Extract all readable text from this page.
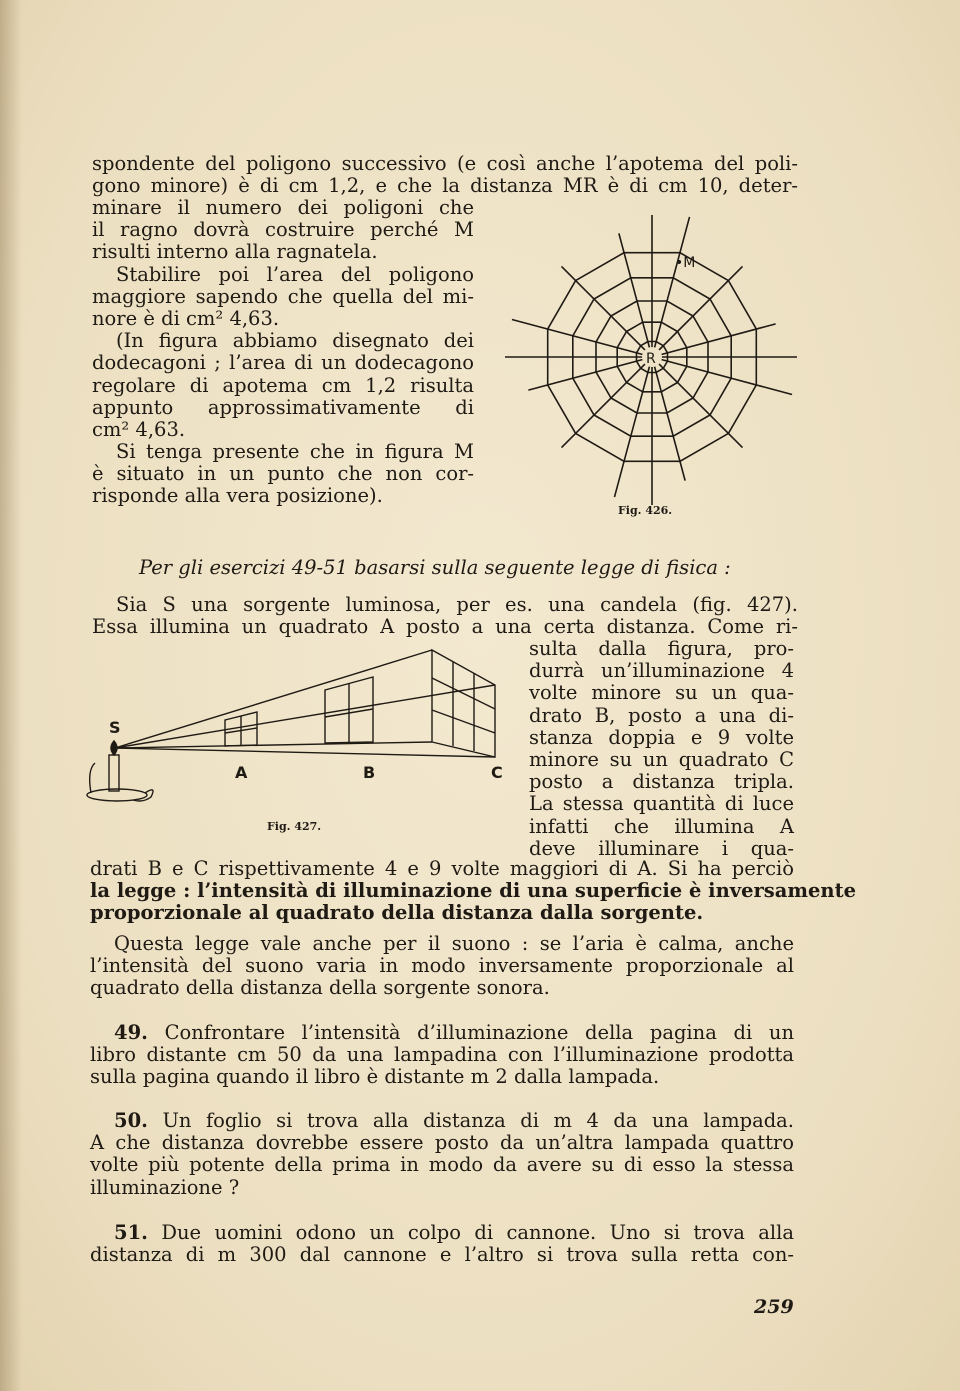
spondente del poligono successivo (e così anche l’apotema del poli-
gono minore) è di cm 1,2, e che la distanza MR è di cm 10, deter-
minare il numero dei poligoni che
il ragno dovrà costruire perché M
risulti interno alla ragnatela.
Stabilire poi l’area del poligono
maggiore sapendo che quella del mi-
nore è di cm² 4,63.
(In figura abbiamo disegnato dei
dodecagoni ; l’area di un dodecagono
regolare di apotema cm 1,2 risulta
appunto approssimativamente di
cm² 4,63.
Si tenga presente che in figura M
è situato in un punto che non cor-
risponde alla vera posizione).
•M
R
Fig. 426.
Per gli esercizi 49-51 basarsi sulla seguente legge di fisica :
Sia S una sorgente luminosa, per es. una candela (fig. 427).
Essa illumina un quadrato A posto a una certa distanza. Come ri-
sulta dalla figura, pro-
durrà un’illuminazione 4
volte minore su un qua-
drato B, posto a una di-
stanza doppia e 9 volte
minore su un quadrato C
posto a distanza tripla.
La stessa quantità di luce
infatti che illumina A
deve illuminare i qua-
S
A	B	C
Fig. 427.
drati B e C rispettivamente 4 e 9 volte maggiori di A. Si ha perciò
la legge : l’intensità di illuminazione di una superficie è inversamente
proporzionale al quadrato della distanza dalla sorgente.
Questa legge vale anche per il suono : se l’aria è calma, anche
l’intensità del suono varia in modo inversamente proporzionale al
quadrato della distanza della sorgente sonora.
49. Confrontare l’intensità d’illuminazione della pagina di un
libro distante cm 50 da una lampadina con l’illuminazione prodotta
sulla pagina quando il libro è distante m 2 dalla lampada.
50. Un foglio si trova alla distanza di m 4 da una lampada.
A che distanza dovrebbe essere posto da un’altra lampada quattro
volte più potente della prima in modo da avere su di esso la stessa
illuminazione ?
51. Due uomini odono un colpo di cannone. Uno si trova alla
distanza di m 300 dal cannone e l’altro si trova sulla retta con-
259
